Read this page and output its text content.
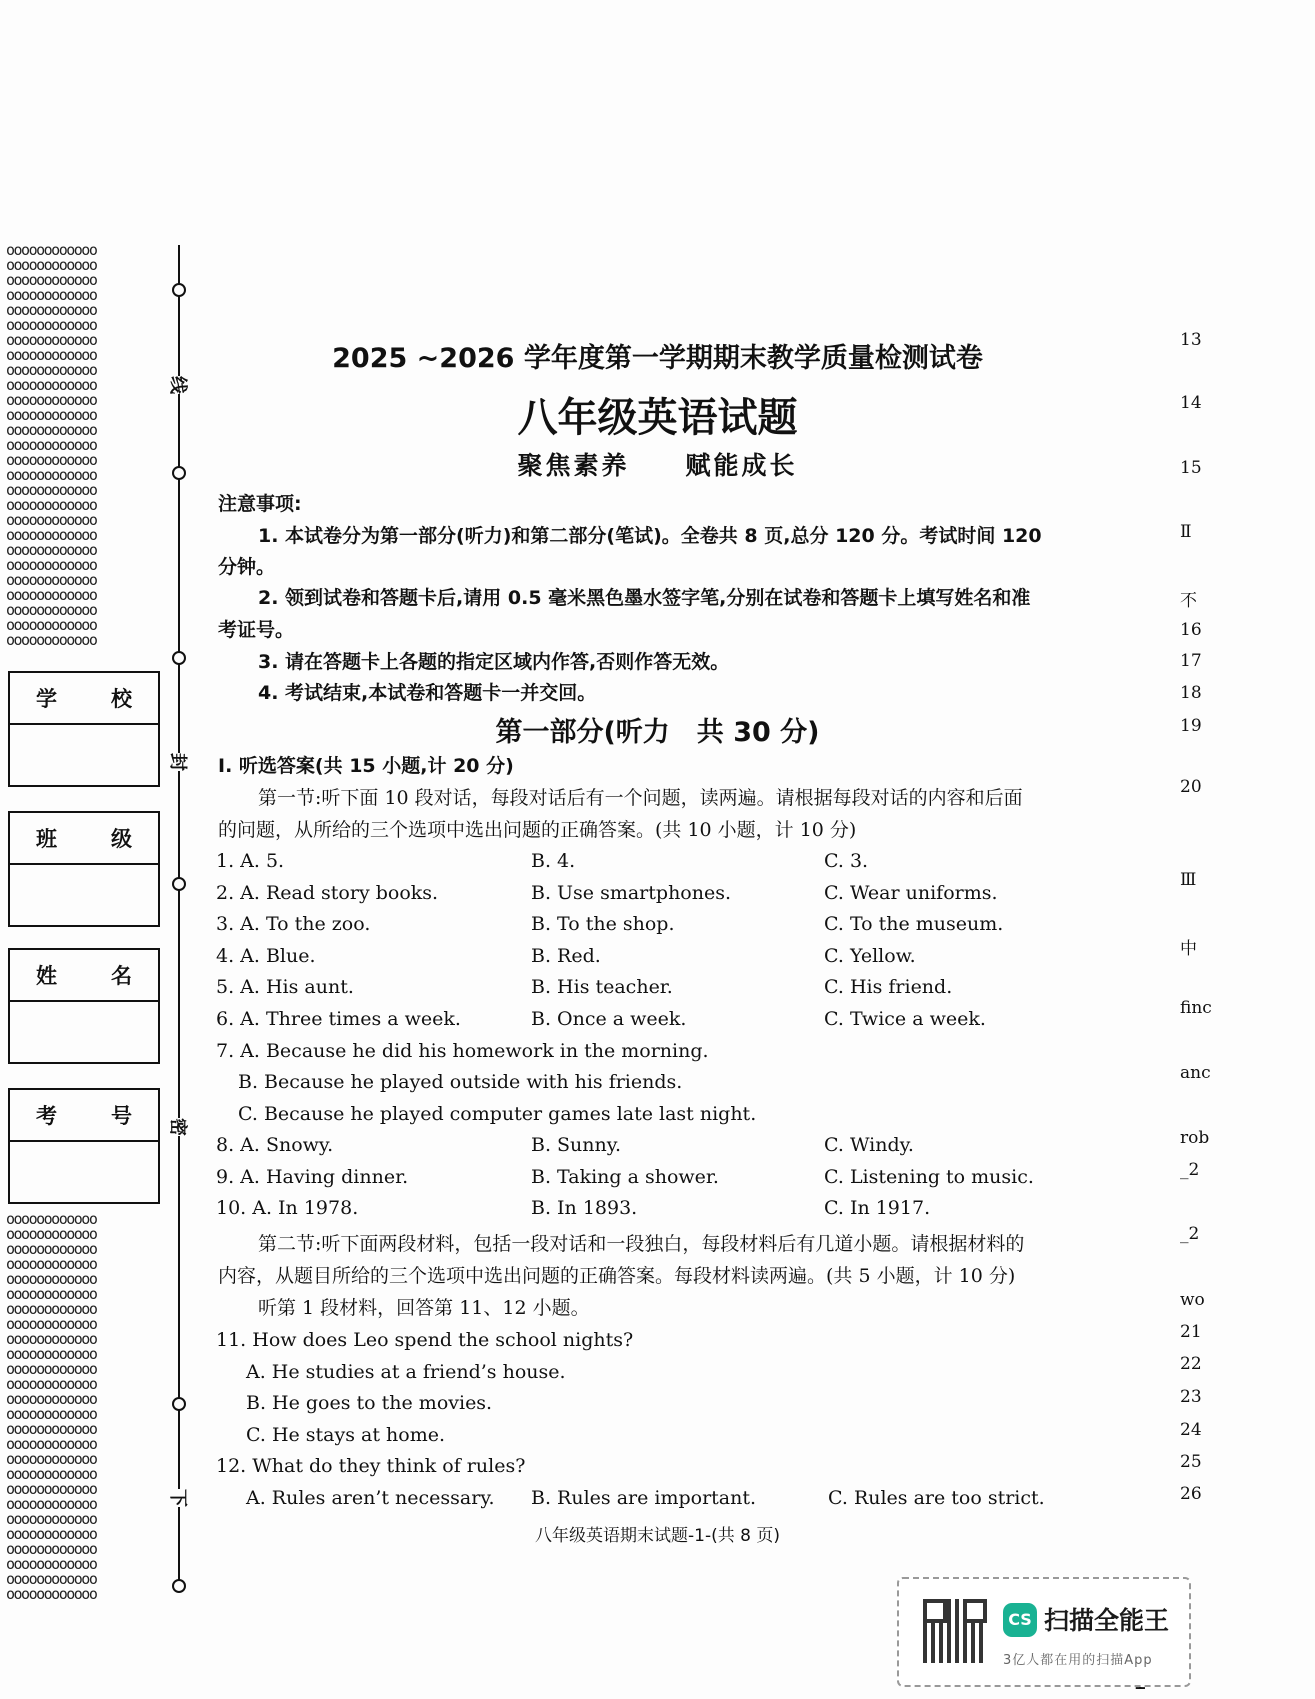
oooooooooooo
oooooooooooo
oooooooooooo
oooooooooooo
oooooooooooo
oooooooooooo
oooooooooooo
oooooooooooo
oooooooooooo
oooooooooooo
oooooooooooo
oooooooooooo
oooooooooooo
oooooooooooo
oooooooooooo
oooooooooooo
oooooooooooo
oooooooooooo
oooooooooooo
oooooooooooo
oooooooooooo
oooooooooooo
oooooooooooo
oooooooooooo
oooooooooooo
oooooooooooo
oooooooooooo
oooooooooooo
oooooooooooo
oooooooooooo
oooooooooooo
oooooooooooo
oooooooooooo
oooooooooooo
oooooooooooo
oooooooooooo
oooooooooooo
oooooooooooo
oooooooooooo
oooooooooooo
oooooooooooo
oooooooooooo
oooooooooooo
oooooooooooo
oooooooooooo
oooooooooooo
oooooooooooo
oooooooooooo
oooooooooooo
oooooooooooo
oooooooooooo
oooooooooooo
oooooooooooo
线
封
密
下
学	校
班	级
姓	名
考	号
2025 ~2026 学年度第一学期期末教学质量检测试卷
八年级英语试题
聚焦素养 赋能成长
注意事项:
1. 本试卷分为第一部分(听力)和第二部分(笔试)。全卷共 8 页,总分 120 分。考试时间 120
分钟。
2. 领到试卷和答题卡后,请用 0.5 毫米黑色墨水签字笔,分别在试卷和答题卡上填写姓名和准
考证号。
3. 请在答题卡上各题的指定区域内作答,否则作答无效。
4. 考试结束,本试卷和答题卡一并交回。
第一部分(听力　共 30 分)
Ⅰ. 听选答案(共 15 小题,计 20 分)
第一节:听下面 10 段对话，每段对话后有一个问题，读两遍。请根据每段对话的内容和后面
的问题，从所给的三个选项中选出问题的正确答案。(共 10 小题，计 10 分)
1. A. 5.	B. 4.	C. 3.
2. A. Read story books.	B. Use smartphones.	C. Wear uniforms.
3. A. To the zoo.	B. To the shop.	C. To the museum.
4. A. Blue.	B. Red.	C. Yellow.
5. A. His aunt.	B. His teacher.	C. His friend.
6. A. Three times a week.	B. Once a week.	C. Twice a week.
7. A. Because he did his homework in the morning.
B. Because he played outside with his friends.
C. Because he played computer games late last night.
8. A. Snowy.	B. Sunny.	C. Windy.
9. A. Having dinner.	B. Taking a shower.	C. Listening to music.
10. A. In 1978.	B. In 1893.	C. In 1917.
第二节:听下面两段材料，包括一段对话和一段独白，每段材料后有几道小题。请根据材料的
内容，从题目所给的三个选项中选出问题的正确答案。每段材料读两遍。(共 5 小题，计 10 分)
听第 1 段材料，回答第 11、12 小题。
11. How does Leo spend the school nights?
A. He studies at a friend’s house.
B. He goes to the movies.
C. He stays at home.
12. What do they think of rules?
A. Rules aren’t necessary. B. Rules are important.	C. Rules are too strict.
八年级英语期末试题-1-(共 8 页)
13
14
15
Ⅱ
不
16
17
18
19
20
Ⅲ
中
finc
anc
rob
_2
_2
wo
21
22
23
24
25
26
CS 扫描全能王
3亿人都在用的扫描App
